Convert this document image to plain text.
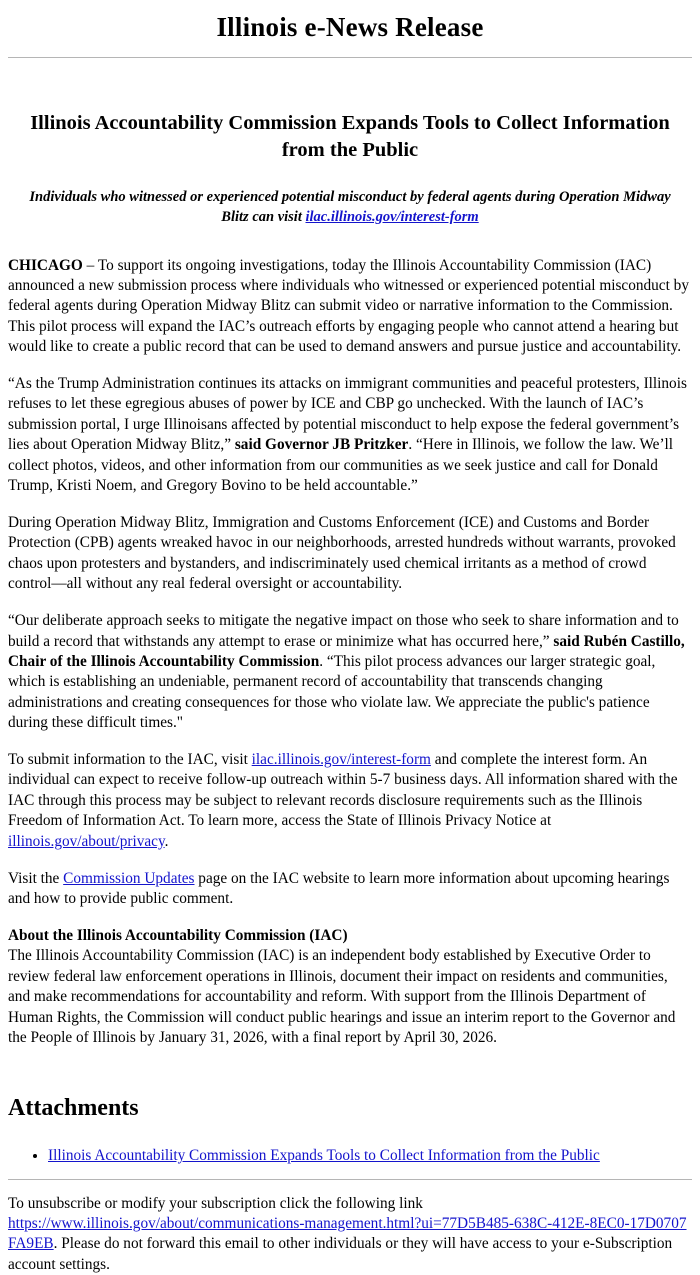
Illinois e-News Release
Illinois Accountability Commission Expands Tools to Collect Information from the Public

Individuals who witnessed or experienced potential misconduct by federal agents during Operation Midway Blitz can visit ilac.illinois.gov/interest-form

CHICAGO – To support its ongoing investigations, today the Illinois Accountability Commission (IAC) announced a new submission process where individuals who witnessed or experienced potential misconduct by federal agents during Operation Midway Blitz can submit video or narrative information to the Commission. This pilot process will expand the IAC’s outreach efforts by engaging people who cannot attend a hearing but would like to create a public record that can be used to demand answers and pursue justice and accountability.

“As the Trump Administration continues its attacks on immigrant communities and peaceful protesters, Illinois refuses to let these egregious abuses of power by ICE and CBP go unchecked. With the launch of IAC’s submission portal, I urge Illinoisans affected by potential misconduct to help expose the federal government’s lies about Operation Midway Blitz,” said Governor JB Pritzker. “Here in Illinois, we follow the law. We’ll collect photos, videos, and other information from our communities as we seek justice and call for Donald Trump, Kristi Noem, and Gregory Bovino to be held accountable.”

During Operation Midway Blitz, Immigration and Customs Enforcement (ICE) and Customs and Border Protection (CPB) agents wreaked havoc in our neighborhoods, arrested hundreds without warrants, provoked chaos upon protesters and bystanders, and indiscriminately used chemical irritants as a method of crowd control—all without any real federal oversight or accountability.

“Our deliberate approach seeks to mitigate the negative impact on those who seek to share information and to build a record that withstands any attempt to erase or minimize what has occurred here,” said Rubén Castillo, Chair of the Illinois Accountability Commission. “This pilot process advances our larger strategic goal, which is establishing an undeniable, permanent record of accountability that transcends changing administrations and creating consequences for those who violate law. We appreciate the public's patience during these difficult times."

To submit information to the IAC, visit ilac.illinois.gov/interest-form and complete the interest form. An individual can expect to receive follow-up outreach within 5-7 business days. All information shared with the IAC through this process may be subject to relevant records disclosure requirements such as the Illinois Freedom of Information Act. To learn more, access the State of Illinois Privacy Notice at illinois.gov/about/privacy.

Visit the Commission Updates page on the IAC website to learn more information about upcoming hearings and how to provide public comment.

About the Illinois Accountability Commission (IAC)
The Illinois Accountability Commission (IAC) is an independent body established by Executive Order to review federal law enforcement operations in Illinois, document their impact on residents and communities, and make recommendations for accountability and reform. With support from the Illinois Department of Human Rights, the Commission will conduct public hearings and issue an interim report to the Governor and the People of Illinois by January 31, 2026, with a final report by April 30, 2026.

Attachments
• Illinois Accountability Commission Expands Tools to Collect Information from the Public

To unsubscribe or modify your subscription click the following link
https://www.illinois.gov/about/communications-management.html?ui=77D5B485-638C-412E-8EC0-17D0707FA9EB. Please do not forward this email to other individuals or they will have access to your e-Subscription account settings.
